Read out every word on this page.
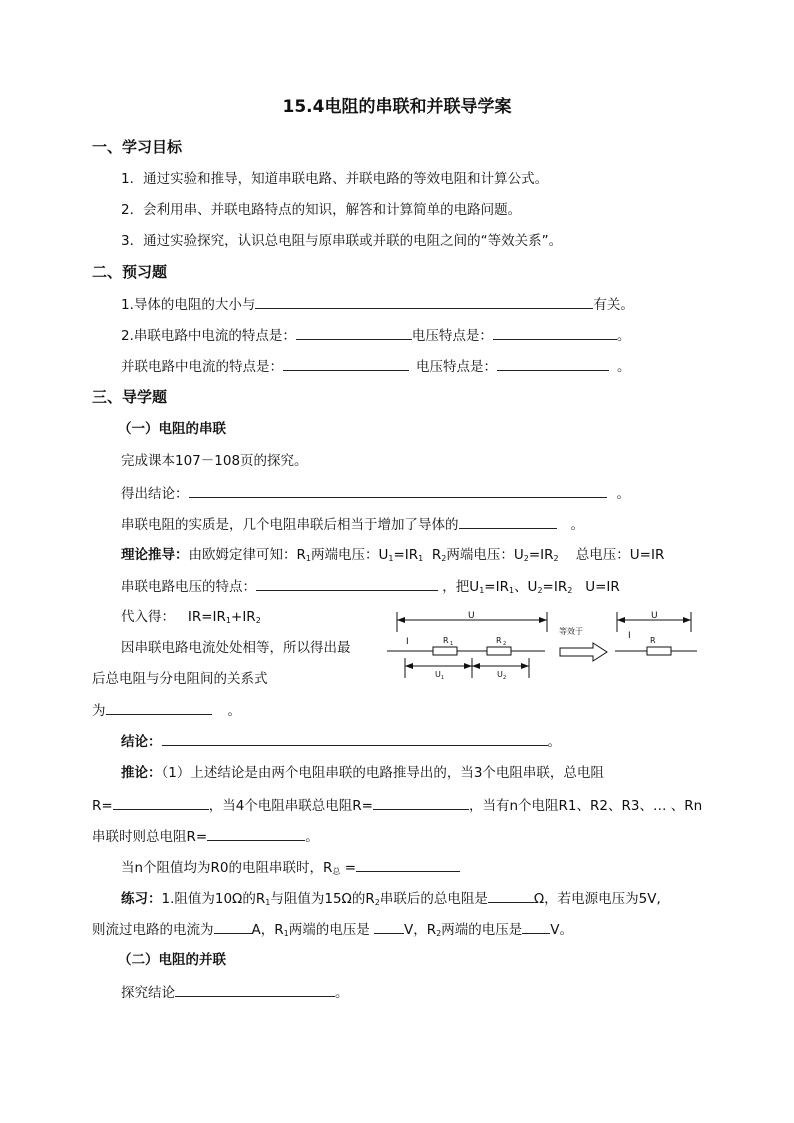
15.4电阻的串联和并联导学案
一、学习目标
1．通过实验和推导，知道串联电路、并联电路的等效电阻和计算公式。
2．会利用串、并联电路特点的知识，解答和计算简单的电路问题。
3．通过实验探究，认识总电阻与原串联或并联的电阻之间的“等效关系”。
二、预习题
1.导体的电阻的大小与	有关。
2.串联电路中电流的特点是：	电压特点是：	。
并联电路中电流的特点是：	电压特点是：	。
三、导学题
（一）电阻的串联
完成课本107－108页的探究。
得出结论：	。
串联电阻的实质是，几个电阻串联后相当于增加了导体的	。
理论推导：由欧姆定律可知：$R_1$两端电压：$U_1=IR_1$ $R_2$两端电压：$U_2=IR_2$ 总电压：U=IR
串联电路电压的特点：	，把$U_1=IR_1$、$U_2=IR_2$ U=IR
代入得： $IR=IR_1+IR_2$
因串联电路电流处处相等，所以得出最
后总电阻与分电阻间的关系式
为	。
U
I	R 1	R 2
U 1	U 2
等效于
U
I R
结论：	。
推论：（1）上述结论是由两个电阻串联的电路推导出的，当3个电阻串联，总电阻
R=	，当4个电阻串联总电阻R=	，当有n个电阻R1、R2、R3、… 、Rn
串联时则总电阻R=	。
当n个阻值均为R0的电阻串联时，$R_总$ =
练习：1.阻值为10Ω的$R_1$与阻值为15Ω的$R_2$串联后的总电阻是	Ω，若电源电压为5V,
则流过电路的电流为	A，$R_1$两端的电压是	V，$R_2$两端的电压是 V。
（二）电阻的并联
探究结论	。
